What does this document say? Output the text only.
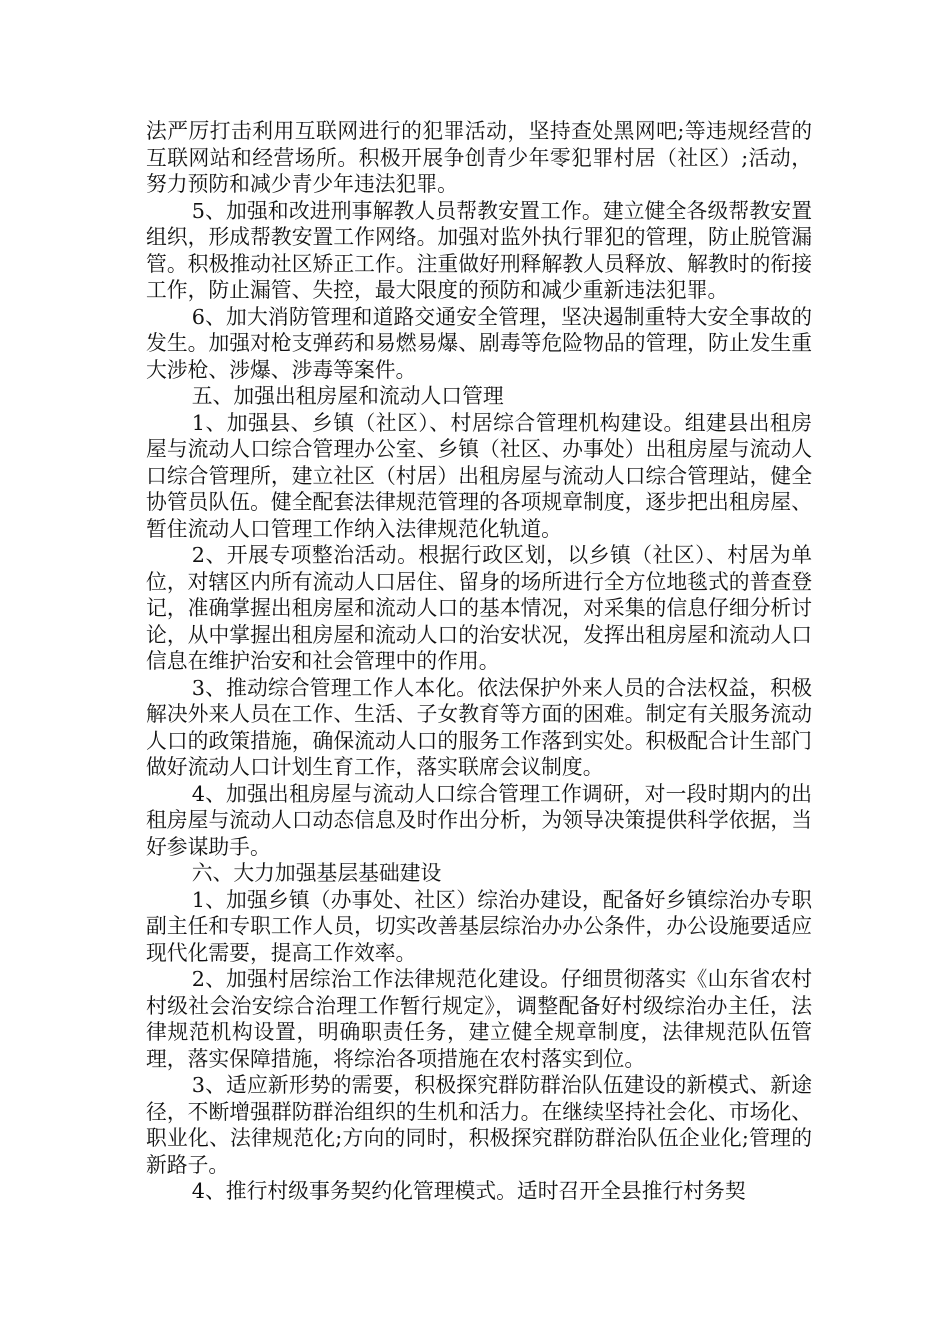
法严厉打击利用互联网进行的犯罪活动，坚持查处黑网吧;等违规经营的互联网站和经营场所。积极开展争创青少年零犯罪村居（社区）;活动，努力预防和减少青少年违法犯罪。

5、加强和改进刑事解教人员帮教安置工作。建立健全各级帮教安置组织，形成帮教安置工作网络。加强对监外执行罪犯的管理，防止脱管漏管。积极推动社区矫正工作。注重做好刑释解教人员释放、解教时的衔接工作，防止漏管、失控，最大限度的预防和减少重新违法犯罪。

6、加大消防管理和道路交通安全管理，坚决遏制重特大安全事故的发生。加强对枪支弹药和易燃易爆、剧毒等危险物品的管理，防止发生重大涉枪、涉爆、涉毒等案件。

五、加强出租房屋和流动人口管理

1、加强县、乡镇（社区）、村居综合管理机构建设。组建县出租房屋与流动人口综合管理办公室、乡镇（社区、办事处）出租房屋与流动人口综合管理所，建立社区（村居）出租房屋与流动人口综合管理站，健全协管员队伍。健全配套法律规范管理的各项规章制度，逐步把出租房屋、暂住流动人口管理工作纳入法律规范化轨道。

2、开展专项整治活动。根据行政区划，以乡镇（社区）、村居为单位，对辖区内所有流动人口居住、留身的场所进行全方位地毯式的普查登记，准确掌握出租房屋和流动人口的基本情况，对采集的信息仔细分析讨论，从中掌握出租房屋和流动人口的治安状况，发挥出租房屋和流动人口信息在维护治安和社会管理中的作用。

3、推动综合管理工作人本化。依法保护外来人员的合法权益，积极解决外来人员在工作、生活、子女教育等方面的困难。制定有关服务流动人口的政策措施，确保流动人口的服务工作落到实处。积极配合计生部门做好流动人口计划生育工作，落实联席会议制度。

4、加强出租房屋与流动人口综合管理工作调研，对一段时期内的出租房屋与流动人口动态信息及时作出分析，为领导决策提供科学依据，当好参谋助手。

六、大力加强基层基础建设

1、加强乡镇（办事处、社区）综治办建设，配备好乡镇综治办专职副主任和专职工作人员，切实改善基层综治办办公条件，办公设施要适应现代化需要，提高工作效率。

2、加强村居综治工作法律规范化建设。仔细贯彻落实《山东省农村村级社会治安综合治理工作暂行规定》，调整配备好村级综治办主任，法律规范机构设置，明确职责任务，建立健全规章制度，法律规范队伍管理，落实保障措施，将综治各项措施在农村落实到位。

3、适应新形势的需要，积极探究群防群治队伍建设的新模式、新途径，不断增强群防群治组织的生机和活力。在继续坚持社会化、市场化、职业化、法律规范化;方向的同时，积极探究群防群治队伍企业化;管理的新路子。

4、推行村级事务契约化管理模式。适时召开全县推行村务契
